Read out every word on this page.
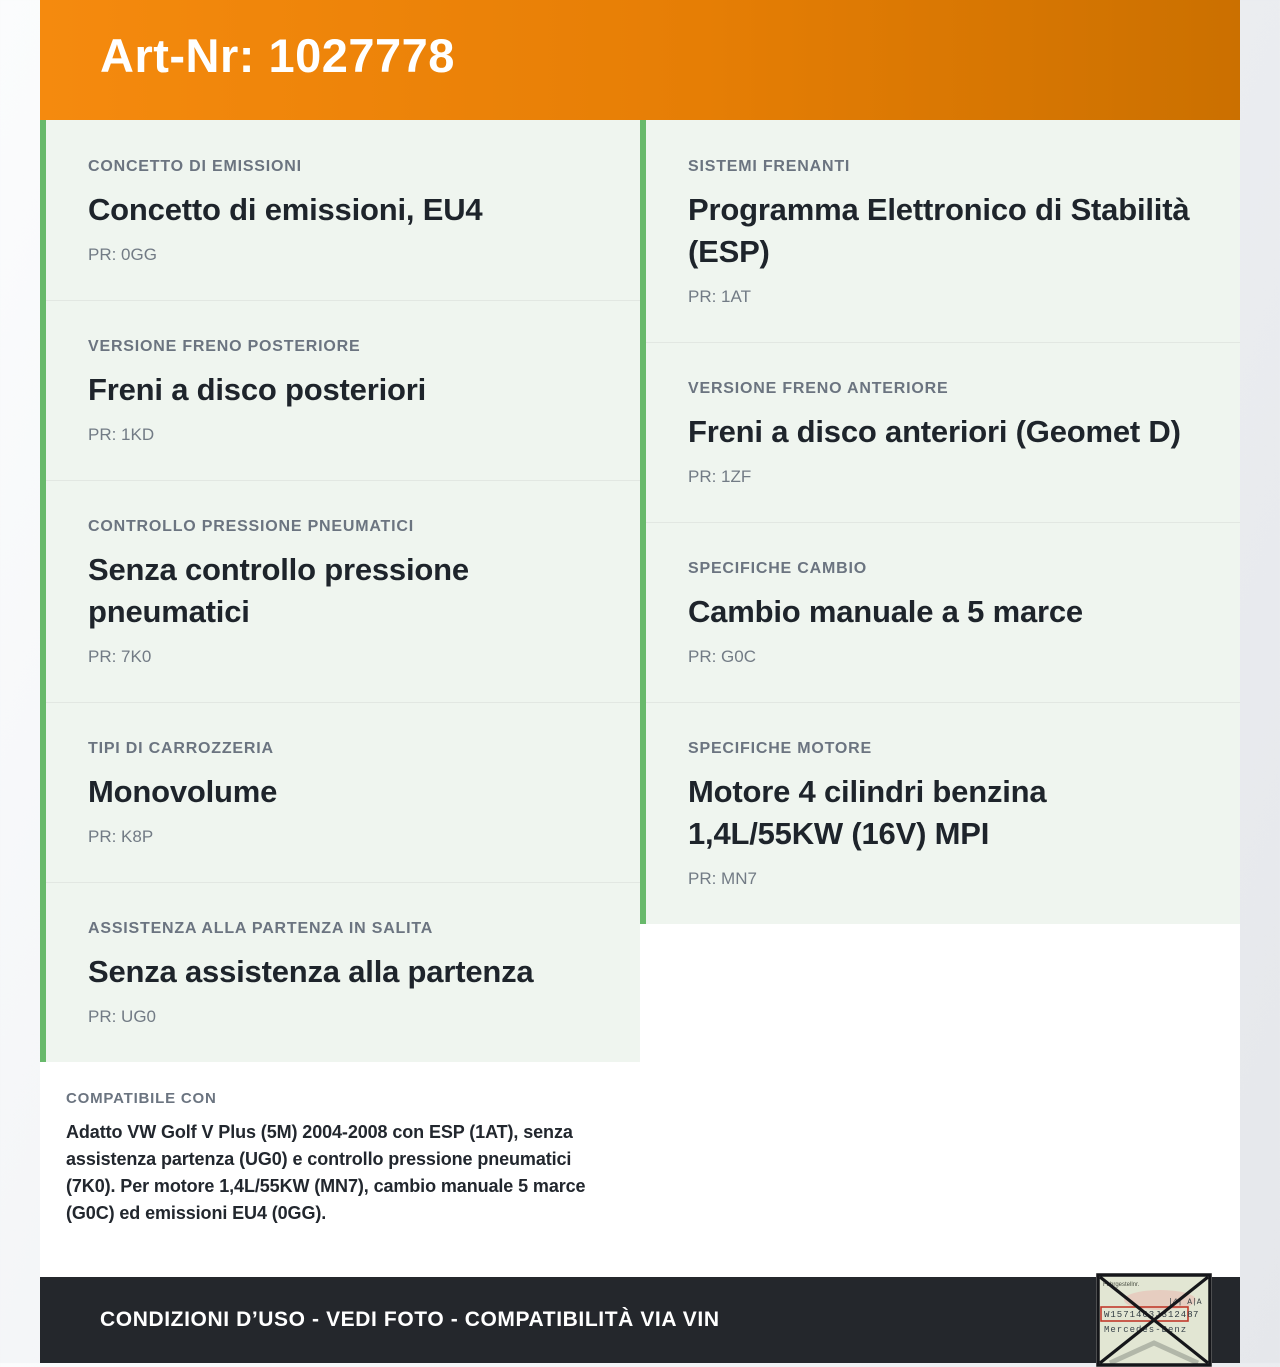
Art-Nr: 1027778
CONCETTO DI EMISSIONI
Concetto di emissioni, EU4
PR: 0GG
VERSIONE FRENO POSTERIORE
Freni a disco posteriori
PR: 1KD
CONTROLLO PRESSIONE PNEUMATICI
Senza controllo pressione pneumatici
PR: 7K0
TIPI DI CARROZZERIA
Monovolume
PR: K8P
ASSISTENZA ALLA PARTENZA IN SALITA
Senza assistenza alla partenza
PR: UG0
COMPATIBILE CON

Adatto VW Golf V Plus (5M) 2004-2008 con ESP (1AT), senza assistenza partenza (UG0) e controllo pressione pneumatici (7K0). Per motore 1,4L/55KW (MN7), cambio manuale 5 marce (G0C) ed emissioni EU4 (0GG).

SISTEMI FRENANTI
Programma Elettronico di Stabilità (ESP)
PR: 1AT
VERSIONE FRENO ANTERIORE
Freni a disco anteriori (Geomet D)
PR: 1ZF
SPECIFICHE CAMBIO
Cambio manuale a 5 marce
PR: G0C
SPECIFICHE MOTORE
Motore 4 cilindri benzina 1,4L/55KW (16V) MPI
PR: MN7
CONDIZIONI D’USO - VEDI FOTO - COMPATIBILITÀ VIA VIN
Fahrgestellnr.
|4| A|A
W1571463J31248 7
Mercedes-Benz
